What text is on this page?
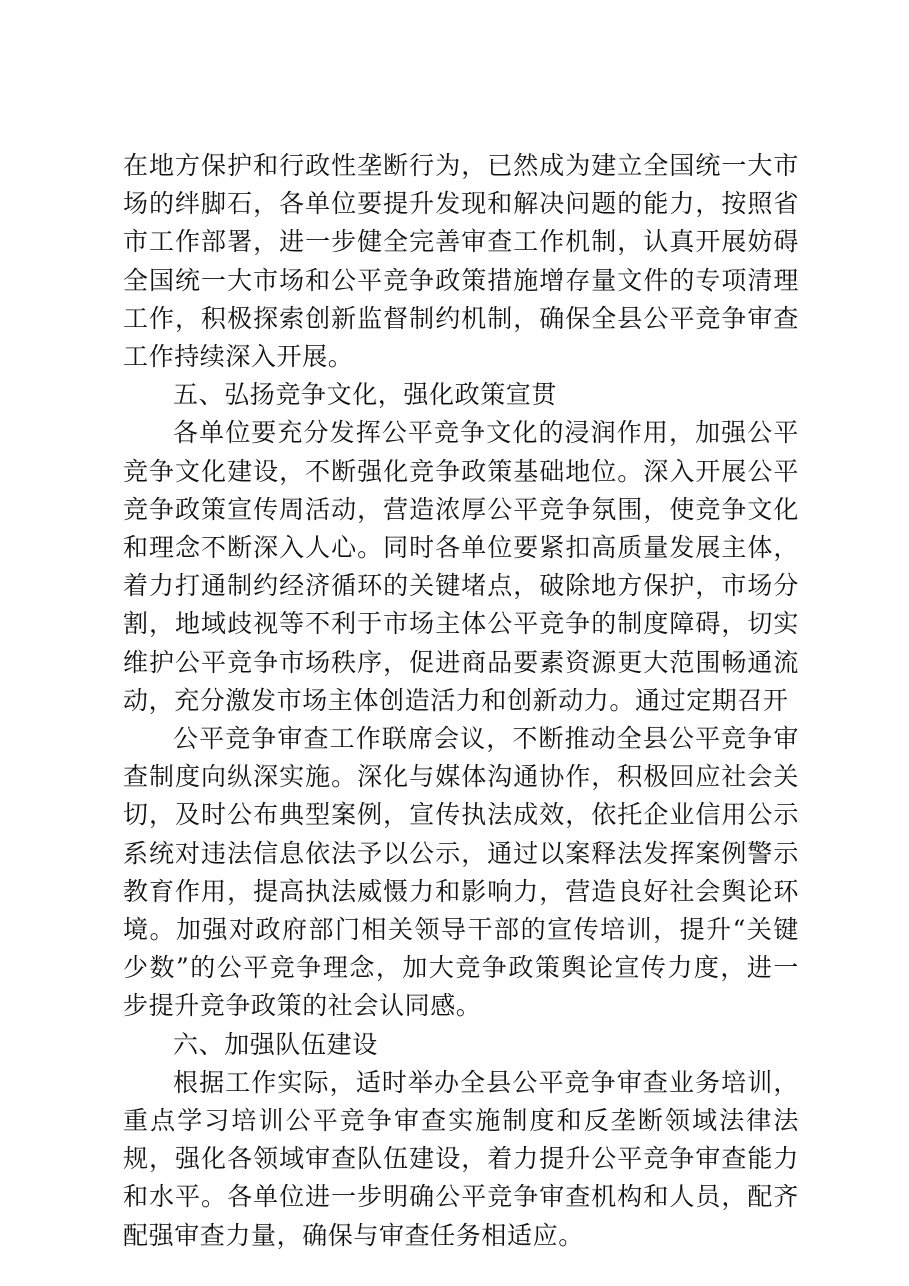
在地方保护和行政性垄断行为，已然成为建立全国统一大市场的绊脚石，各单位要提升发现和解决问题的能力，按照省市工作部署，进一步健全完善审查工作机制，认真开展妨碍全国统一大市场和公平竞争政策措施增存量文件的专项清理工作，积极探索创新监督制约机制，确保全县公平竞争审查工作持续深入开展。

五、弘扬竞争文化，强化政策宣贯

各单位要充分发挥公平竞争文化的浸润作用，加强公平竞争文化建设，不断强化竞争政策基础地位。深入开展公平竞争政策宣传周活动，营造浓厚公平竞争氛围，使竞争文化和理念不断深入人心。同时各单位要紧扣高质量发展主体，着力打通制约经济循环的关键堵点，破除地方保护，市场分割，地域歧视等不利于市场主体公平竞争的制度障碍，切实维护公平竞争市场秩序，促进商品要素资源更大范围畅通流动，充分激发市场主体创造活力和创新动力。通过定期召开

公平竞争审查工作联席会议，不断推动全县公平竞争审查制度向纵深实施。深化与媒体沟通协作，积极回应社会关切，及时公布典型案例，宣传执法成效，依托企业信用公示系统对违法信息依法予以公示，通过以案释法发挥案例警示教育作用，提高执法威慑力和影响力，营造良好社会舆论环境。加强对政府部门相关领导干部的宣传培训，提升“关键少数”的公平竞争理念，加大竞争政策舆论宣传力度，进一步提升竞争政策的社会认同感。

六、加强队伍建设

根据工作实际，适时举办全县公平竞争审查业务培训，重点学习培训公平竞争审查实施制度和反垄断领域法律法规，强化各领域审查队伍建设，着力提升公平竞争审查能力和水平。各单位进一步明确公平竞争审查机构和人员，配齐配强审查力量，确保与审查任务相适应。
